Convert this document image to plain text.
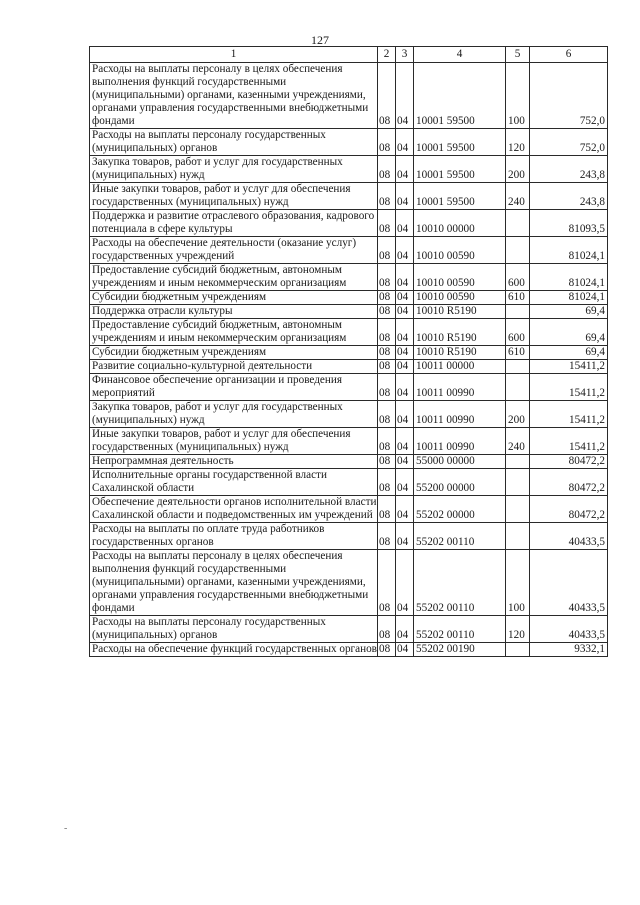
127
1	2	3	4	5	6
Расходы на выплаты персоналу в целях обеспечения выполнения функций государственными (муниципальными) органами, казенными учреждениями, органами управления государственными внебюджетными фондами	08	04	10001 59500	100	752,0
Расходы на выплаты персоналу государственных (муниципальных) органов	08	04	10001 59500	120	752,0
Закупка товаров, работ и услуг для государственных (муниципальных) нужд	08	04	10001 59500	200	243,8
Иные закупки товаров, работ и услуг для обеспечения государственных (муниципальных) нужд	08	04	10001 59500	240	243,8
Поддержка и развитие отраслевого образования, кадрового потенциала в сфере культуры	08	04	10010 00000		81093,5
Расходы на обеспечение деятельности (оказание услуг) государственных учреждений	08	04	10010 00590		81024,1
Предоставление субсидий бюджетным, автономным учреждениям и иным некоммерческим организациям	08	04	10010 00590	600	81024,1
Субсидии бюджетным учреждениям	08	04	10010 00590	610	81024,1
Поддержка отрасли культуры	08	04	10010 R5190		69,4
Предоставление субсидий бюджетным, автономным учреждениям и иным некоммерческим организациям	08	04	10010 R5190	600	69,4
Субсидии бюджетным учреждениям	08	04	10010 R5190	610	69,4
Развитие социально-культурной деятельности	08	04	10011 00000		15411,2
Финансовое обеспечение организации и проведения мероприятий	08	04	10011 00990		15411,2
Закупка товаров, работ и услуг для государственных (муниципальных) нужд	08	04	10011 00990	200	15411,2
Иные закупки товаров, работ и услуг для обеспечения государственных (муниципальных) нужд	08	04	10011 00990	240	15411,2
Непрограммная деятельность	08	04	55000 00000		80472,2
Исполнительные органы государственной власти Сахалинской области	08	04	55200 00000		80472,2
Обеспечение деятельности органов исполнительной власти Сахалинской области и подведомственных им учреждений	08	04	55202 00000		80472,2
Расходы на выплаты по оплате труда работников государственных органов	08	04	55202 00110		40433,5
Расходы на выплаты персоналу в целях обеспечения выполнения функций государственными (муниципальными) органами, казенными учреждениями, органами управления государственными внебюджетными фондами	08	04	55202 00110	100	40433,5
Расходы на выплаты персоналу государственных (муниципальных) органов	08	04	55202 00110	120	40433,5
Расходы на обеспечение функций государственных органов	08	04	55202 00190		9332,1
-
